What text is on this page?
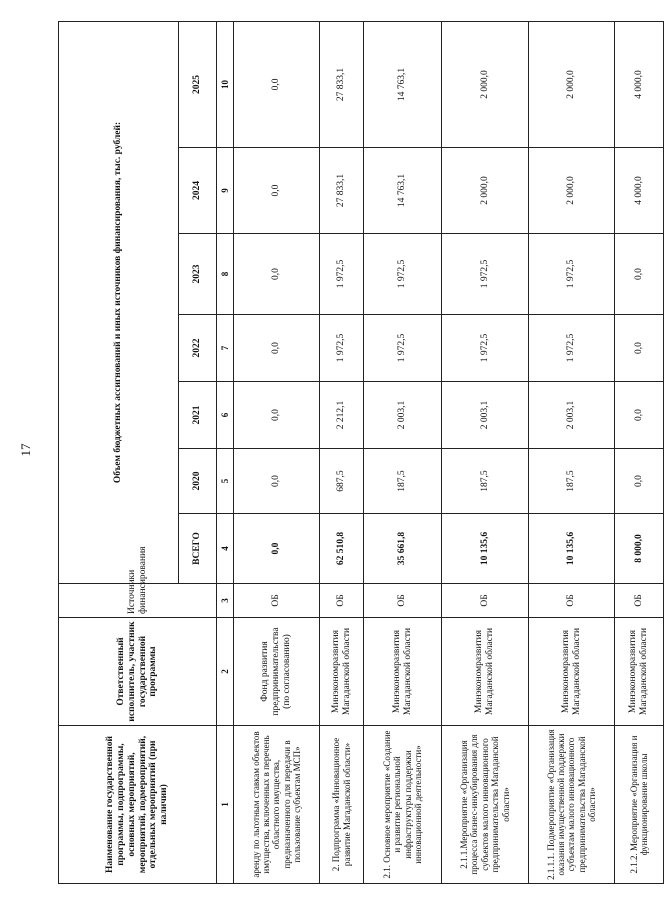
17
Наименование государственной программы, подпрограммы, основных мероприятий, мероприятий, подмероприятий, отдельных мероприятий (при наличии)	Ответственный исполнитель, участник государственной программы	Источники финансирования	Объем бюджетных ассигнований и иных источников финансирования, тыс. рублей:						
			ВСЕГО	2020	2021	2022	2023	2024	2025
1	2	3	4	5	6	7	8	9	10
аренду по льготным ставкам объектов имущества, включенных в перечень областного имущества, предназначенного для передачи в пользование субъектам МСП»	Фонд развития предпринимательства (по согласованию)	ОБ	0,0	0,0	0,0	0,0	0,0	0,0	0,0
2. Подпрограмма «Инновационное развитие Магаданской области»	Минэкономразвития Магаданской области	ОБ	62 510,8	687,5	2 212,1	1 972,5	1 972,5	27 833,1	27 833,1
2.1. Основное мероприятие «Создание и развитие региональной инфраструктуры поддержки инновационной деятельности»	Минэкономразвития Магаданской области	ОБ	35 661,8	187,5	2 003,1	1 972,5	1 972,5	14 763,1	14 763,1
2.1.1.Мероприятие «Организация процесса бизнес-инкубирования для субъектов малого инновационного предпринимательства Магаданской области»	Минэкономразвития Магаданской области	ОБ	10 135,6	187,5	2 003,1	1 972,5	1 972,5	2 000,0	2 000,0
2.1.1.1. Подмероприятие «Организация оказания имущественной поддержки субъектам малого инновационного предпринимательства Магаданской области»	Минэкономразвития Магаданской области	ОБ	10 135,6	187,5	2 003,1	1 972,5	1 972,5	2 000,0	2 000,0
2.1.2. Мероприятие «Организация и функционирование школы	Минэкономразвития Магаданской области	ОБ	8 000,0	0,0	0,0	0,0	0,0	4 000,0	4 000,0
